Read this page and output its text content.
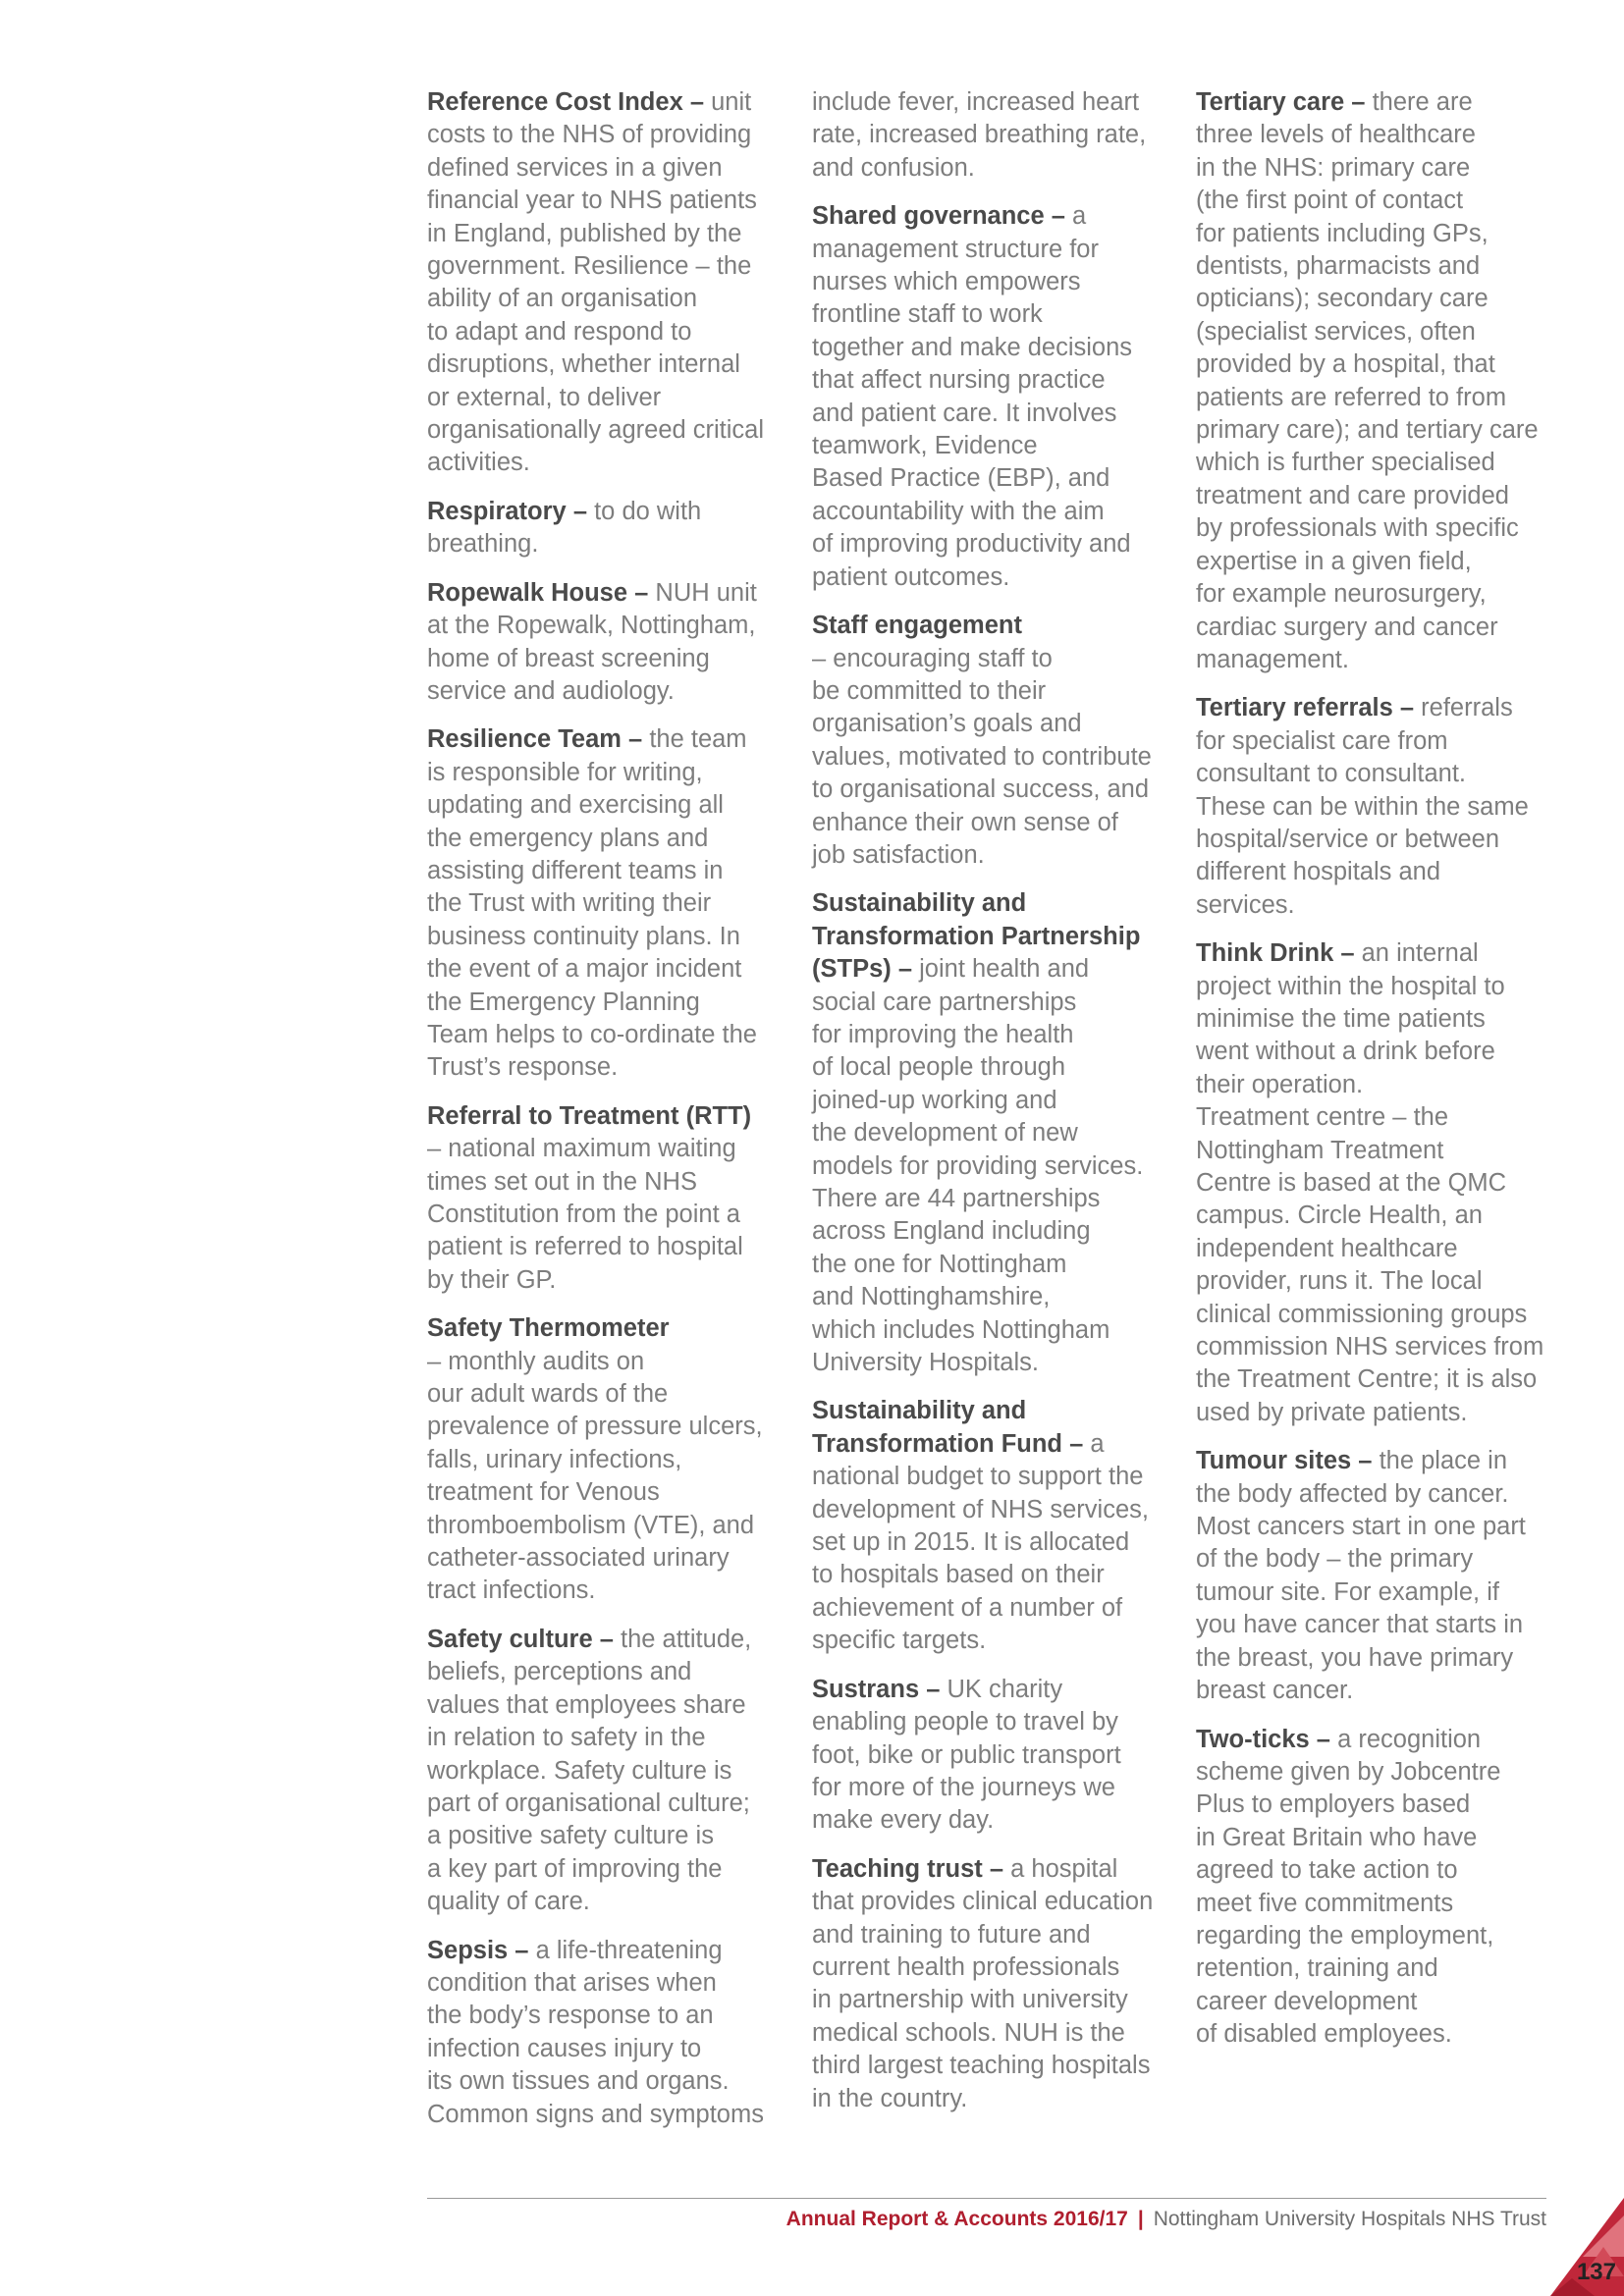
Reference Cost Index – unit
costs to the NHS of providing
defined services in a given
financial year to NHS patients
in England, published by the
government. Resilience – the
ability of an organisation
to adapt and respond to
disruptions, whether internal
or external, to deliver
organisationally agreed critical
activities.

Respiratory – to do with
breathing.

Ropewalk House – NUH unit
at the Ropewalk, Nottingham,
home of breast screening
service and audiology.

Resilience Team – the team
is responsible for writing,
updating and exercising all
the emergency plans and
assisting different teams in
the Trust with writing their
business continuity plans. In
the event of a major incident
the Emergency Planning
Team helps to co-ordinate the
Trust’s response.

Referral to Treatment (RTT)
– national maximum waiting
times set out in the NHS
Constitution from the point a
patient is referred to hospital
by their GP.

Safety Thermometer
– monthly audits on
our adult wards of the
prevalence of pressure ulcers,
falls, urinary infections,
treatment for Venous
thromboembolism (VTE), and
catheter-associated urinary
tract infections.

Safety culture – the attitude,
beliefs, perceptions and
values that employees share
in relation to safety in the
workplace. Safety culture is
part of organisational culture;
a positive safety culture is
a key part of improving the
quality of care.

Sepsis – a life-threatening
condition that arises when
the body’s response to an
infection causes injury to
its own tissues and organs.
Common signs and symptoms

include fever, increased heart
rate, increased breathing rate,
and confusion.

Shared governance – a
management structure for
nurses which empowers
frontline staff to work
together and make decisions
that affect nursing practice
and patient care. It involves
teamwork, Evidence
Based Practice (EBP), and
accountability with the aim
of improving productivity and
patient outcomes.

Staff engagement
– encouraging staff to
be committed to their
organisation’s goals and
values, motivated to contribute
to organisational success, and
enhance their own sense of
job satisfaction.

Sustainability and
Transformation Partnership
(STPs) – joint health and
social care partnerships
for improving the health
of local people through
joined-up working and
the development of new
models for providing services.
There are 44 partnerships
across England including
the one for Nottingham
and Nottinghamshire,
which includes Nottingham
University Hospitals.

Sustainability and
Transformation Fund – a
national budget to support the
development of NHS services,
set up in 2015. It is allocated
to hospitals based on their
achievement of a number of
specific targets.

Sustrans – UK charity
enabling people to travel by
foot, bike or public transport
for more of the journeys we
make every day.

Teaching trust – a hospital
that provides clinical education
and training to future and
current health professionals
in partnership with university
medical schools. NUH is the
third largest teaching hospitals
in the country.

Tertiary care – there are
three levels of healthcare
in the NHS: primary care
(the first point of contact
for patients including GPs,
dentists, pharmacists and
opticians); secondary care
(specialist services, often
provided by a hospital, that
patients are referred to from
primary care); and tertiary care
which is further specialised
treatment and care provided
by professionals with specific
expertise in a given field,
for example neurosurgery,
cardiac surgery and cancer
management.

Tertiary referrals – referrals
for specialist care from
consultant to consultant.
These can be within the same
hospital/service or between
different hospitals and
services.

Think Drink – an internal
project within the hospital to
minimise the time patients
went without a drink before
their operation.
Treatment centre – the
Nottingham Treatment
Centre is based at the QMC
campus. Circle Health, an
independent healthcare
provider, runs it. The local
clinical commissioning groups
commission NHS services from
the Treatment Centre; it is also
used by private patients.

Tumour sites – the place in
the body affected by cancer.
Most cancers start in one part
of the body – the primary
tumour site. For example, if
you have cancer that starts in
the breast, you have primary
breast cancer.

Two-ticks – a recognition
scheme given by Jobcentre
Plus to employers based
in Great Britain who have
agreed to take action to
meet five commitments
regarding the employment,
retention, training and
career development
of disabled employees.

Annual Report & Accounts 2016/17 | Nottingham University Hospitals NHS Trust
137
